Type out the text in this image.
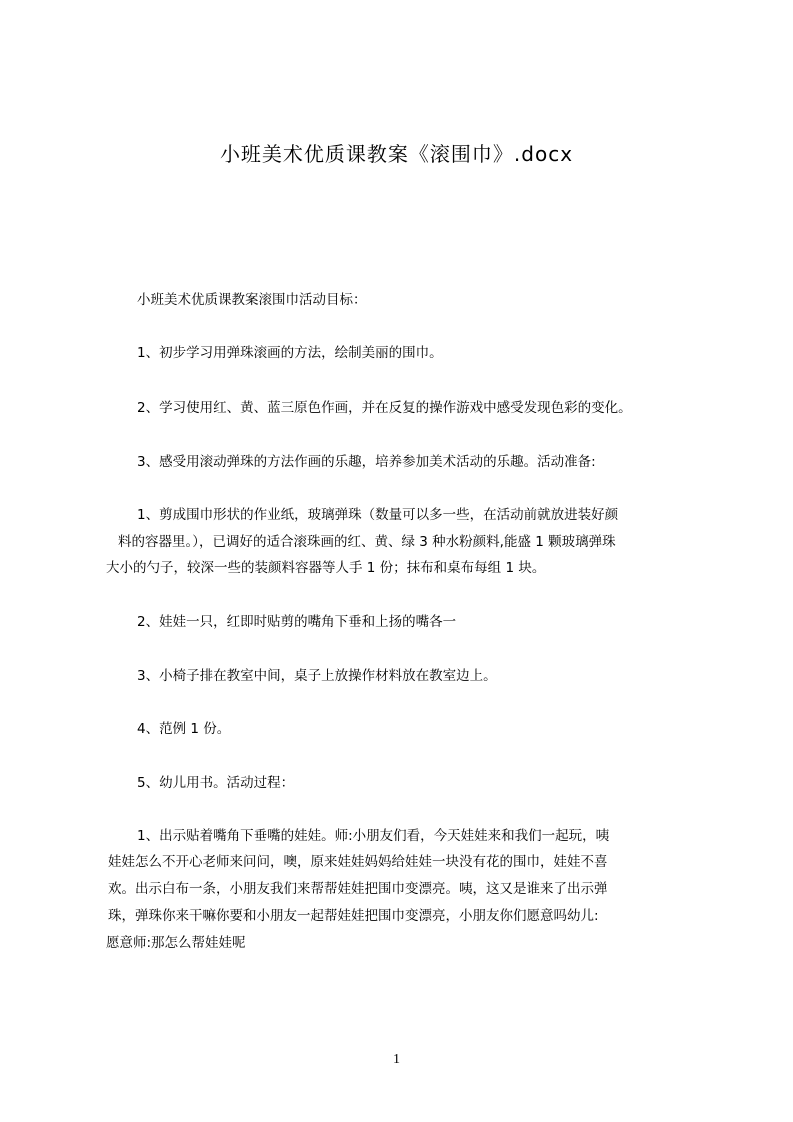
小班美术优质课教案《滚围巾》.docx
小班美术优质课教案滚围巾活动目标：
1、初步学习用弹珠滚画的方法，绘制美丽的围巾。
2、学习使用红、黄、蓝三原色作画，并在反复的操作游戏中感受发现色彩的变化。
3、感受用滚动弹珠的方法作画的乐趣，培养参加美术活动的乐趣。活动准备:
1、剪成围巾形状的作业纸，玻璃弹珠（数量可以多一些，在活动前就放进装好颜
料的容器里。），已调好的适合滚珠画的红、黄、绿 3 种水粉颜料,能盛 1 颗玻璃弹珠
大小的勺子，较深一些的装颜料容器等人手 1 份；抹布和桌布每组 1 块。
2、娃娃一只，红即时贴剪的嘴角下垂和上扬的嘴各一
3、小椅子排在教室中间，桌子上放操作材料放在教室边上。
4、范例 1 份。
5、幼儿用书。活动过程：
1、出示贴着嘴角下垂嘴的娃娃。师:小朋友们看，今天娃娃来和我们一起玩，咦
娃娃怎么不开心老师来问问，噢，原来娃娃妈妈给娃娃一块没有花的围巾，娃娃不喜
欢。出示白布一条，小朋友我们来帮帮娃娃把围巾变漂亮。咦，这又是谁来了出示弹
珠，弹珠你来干嘛你要和小朋友一起帮娃娃把围巾变漂亮，小朋友你们愿意吗幼儿:
愿意师:那怎么帮娃娃呢
1
